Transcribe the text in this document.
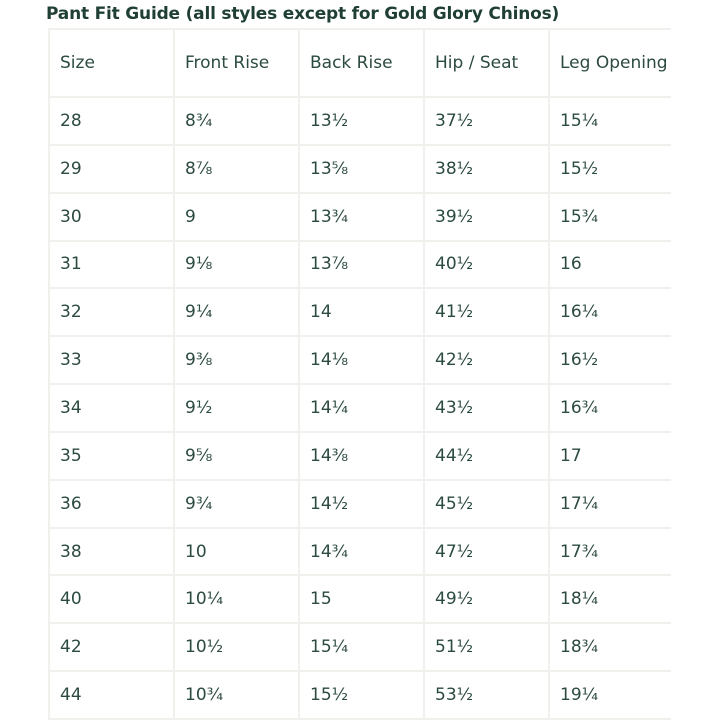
Pant Fit Guide (all styles except for Gold Glory Chinos)
Size	Front Rise	Back Rise	Hip / Seat	Leg Opening
28	8¾	13½	37½	15¼
29	8⅞	13⅝	38½	15½
30	9	13¾	39½	15¾
31	9⅛	13⅞	40½	16
32	9¼	14	41½	16¼
33	9⅜	14⅛	42½	16½
34	9½	14¼	43½	16¾
35	9⅝	14⅜	44½	17
36	9¾	14½	45½	17¼
38	10	14¾	47½	17¾
40	10¼	15	49½	18¼
42	10½	15¼	51½	18¾
44	10¾	15½	53½	19¼
